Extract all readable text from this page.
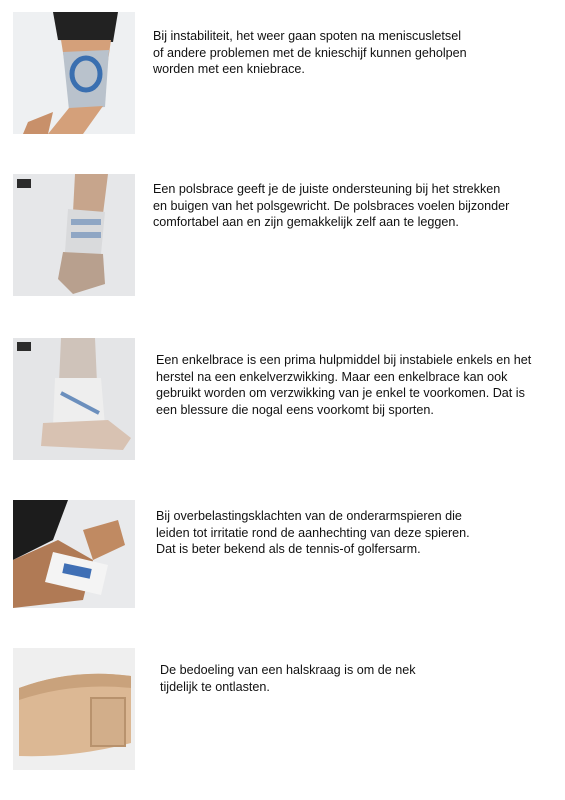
Bij instabiliteit, het weer gaan spoten na meniscusletsel
of andere problemen met de knieschijf kunnen geholpen
worden met een kniebrace.

Een polsbrace geeft je de juiste ondersteuning bij het strekken
en buigen van het polsgewricht. De polsbraces voelen bijzonder
comfortabel aan en zijn gemakkelijk zelf aan te leggen.

Een enkelbrace is een prima hulpmiddel bij instabiele enkels en het
herstel na een enkelverzwikking. Maar een enkelbrace kan ook
gebruikt worden om verzwikking van je enkel te voorkomen. Dat is
een blessure die nogal eens voorkomt bij sporten.

Bij overbelastingsklachten van de onderarmspieren die
leiden tot irritatie rond de aanhechting van deze spieren.
Dat is beter bekend als de tennis-of golfersarm.

De bedoeling van een halskraag is om de nek
tijdelijk te ontlasten.
